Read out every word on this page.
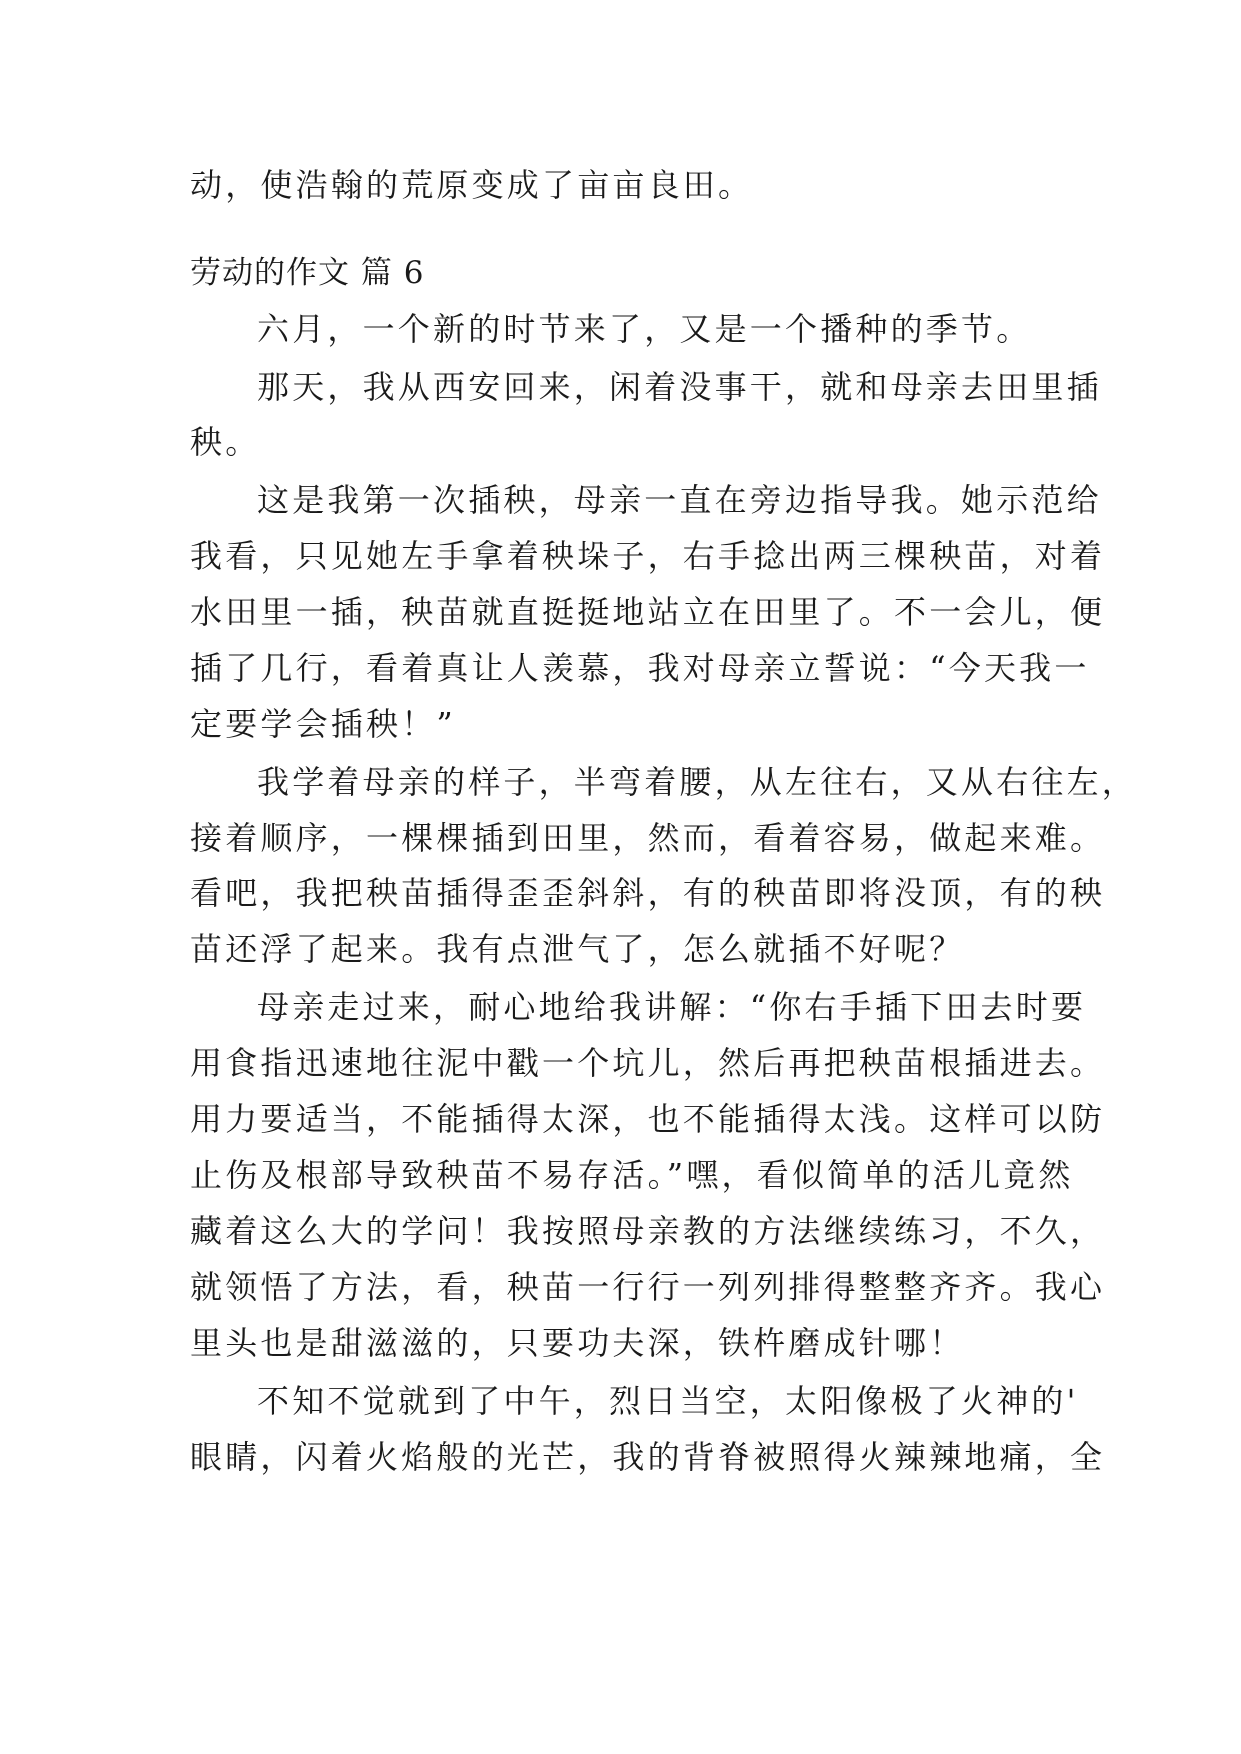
动，使浩翰的荒原变成了亩亩良田。
劳动的作文 篇 6
六月，一个新的时节来了，又是一个播种的季节。
那天，我从西安回来，闲着没事干，就和母亲去田里插
秧。
这是我第一次插秧，母亲一直在旁边指导我。她示范给
我看，只见她左手拿着秧垛子，右手捻出两三棵秧苗，对着
水田里一插，秧苗就直挺挺地站立在田里了。不一会儿，便
插了几行，看着真让人羡慕，我对母亲立誓说：“今天我一
定要学会插秧！”
我学着母亲的样子，半弯着腰，从左往右，又从右往左，
接着顺序，一棵棵插到田里，然而，看着容易，做起来难。
看吧，我把秧苗插得歪歪斜斜，有的秧苗即将没顶，有的秧
苗还浮了起来。我有点泄气了，怎么就插不好呢？
母亲走过来，耐心地给我讲解：“你右手插下田去时要
用食指迅速地往泥中戳一个坑儿，然后再把秧苗根插进去。
用力要适当，不能插得太深，也不能插得太浅。这样可以防
止伤及根部导致秧苗不易存活。”嘿，看似简单的活儿竟然
藏着这么大的学问！我按照母亲教的方法继续练习，不久，
就领悟了方法，看，秧苗一行行一列列排得整整齐齐。我心
里头也是甜滋滋的，只要功夫深，铁杵磨成针哪！
不知不觉就到了中午，烈日当空，太阳像极了火神的'
眼睛，闪着火焰般的光芒，我的背脊被照得火辣辣地痛，全
